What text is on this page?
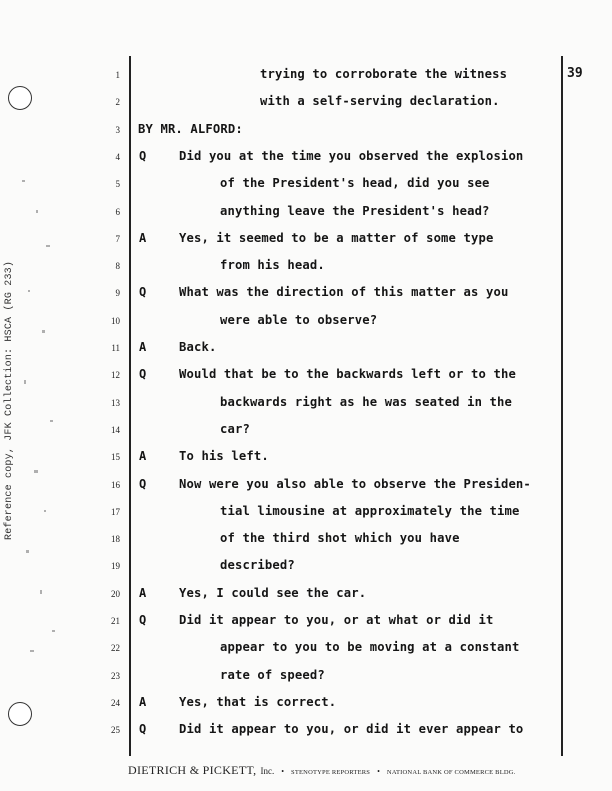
Reference copy, JFK Collection: HSCA (RG 233)
39
1	trying to corroborate the witness
2	with a self-serving declaration.
3 BY MR. ALFORD:
4 Q	Did you at the time you observed the explosion
5	of the President's head, did you see
6	anything leave the President's head?
7 A	Yes, it seemed to be a matter of some type
8	from his head.
9 Q	What was the direction of this matter as you
10	were able to observe?
11 A	Back.
12 Q	Would that be to the backwards left or to the
13	backwards right as he was seated in the
14	car?
15 A	To his left.
16 Q	Now were you also able to observe the Presiden-
17	tial limousine at approximately the time
18	of the third shot which you have
19	described?
20 A	Yes, I could see the car.
21 Q	Did it appear to you, or at what or did it
22	appear to you to be moving at a constant
23	rate of speed?
24 A	Yes, that is correct.
25 Q	Did it appear to you, or did it ever appear to
DIETRICH & PICKETT, Inc. • STENOTYPE REPORTERS • NATIONAL BANK OF COMMERCE BLDG.
